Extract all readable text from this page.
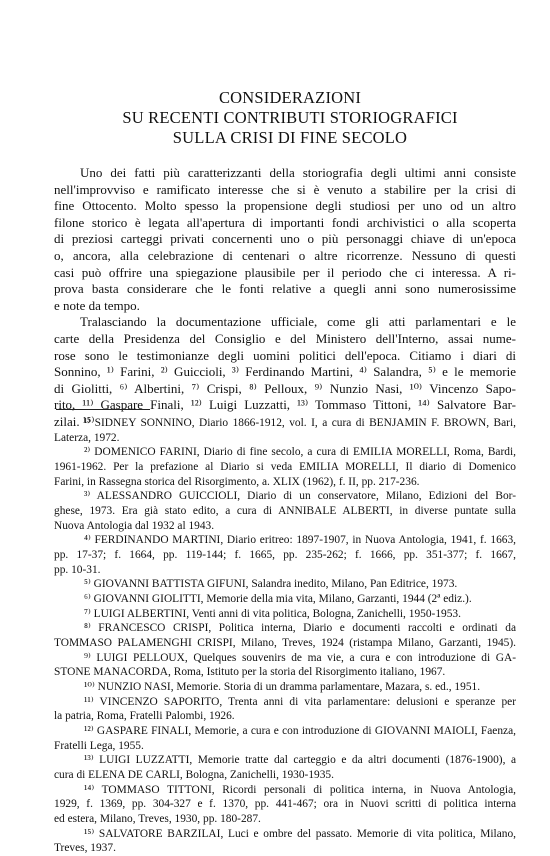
CONSIDERAZIONI
SU RECENTI CONTRIBUTI STORIOGRAFICI
SULLA CRISI DI FINE SECOLO
Uno dei fatti più caratterizzanti della storiografia degli ultimi anni consiste
nell'improvviso e ramificato interesse che si è venuto a stabilire per la crisi di
fine Ottocento. Molto spesso la propensione degli studiosi per uno od un altro
filone storico è legata all'apertura di importanti fondi archivistici o alla scoperta
di preziosi carteggi privati concernenti uno o più personaggi chiave di un'epoca
o, ancora, alla celebrazione di centenari o altre ricorrenze. Nessuno di questi
casi può offrire una spiegazione plausibile per il periodo che ci interessa. A ri-
prova basta considerare che le fonti relative a quegli anni sono numerosissime
e note da tempo.
Tralasciando la documentazione ufficiale, come gli atti parlamentari e le
carte della Presidenza del Consiglio e del Ministero dell'Interno, assai nume-
rose sono le testimonianze degli uomini politici dell'epoca. Citiamo i diari di
Sonnino, ¹⁾ Farini, ²⁾ Guiccioli, ³⁾ Ferdinando Martini, ⁴⁾ Salandra, ⁵⁾ e le memorie
di Giolitti, ⁶⁾ Albertini, ⁷⁾ Crispi, ⁸⁾ Pelloux, ⁹⁾ Nunzio Nasi, ¹⁰⁾ Vincenzo Sapo-
rito, ¹¹⁾ Gaspare Finali, ¹²⁾ Luigi Luzzatti, ¹³⁾ Tommaso Tittoni, ¹⁴⁾ Salvatore Bar-
zilai. ¹⁵⁾
¹⁾ SIDNEY SONNINO, Diario 1866-1912, vol. I, a cura di BENJAMIN F. BROWN, Bari,
Laterza, 1972.
²⁾ DOMENICO FARINI, Diario di fine secolo, a cura di EMILIA MORELLI, Roma, Bardi,
1961-1962. Per la prefazione al Diario si veda EMILIA MORELLI, Il diario di Domenico
Farini, in Rassegna storica del Risorgimento, a. XLIX (1962), f. II, pp. 217-236.
³⁾ ALESSANDRO GUICCIOLI, Diario di un conservatore, Milano, Edizioni del Bor-
ghese, 1973. Era già stato edito, a cura di ANNIBALE ALBERTI, in diverse puntate sulla
Nuova Antologia dal 1932 al 1943.
⁴⁾ FERDINANDO MARTINI, Diario eritreo: 1897-1907, in Nuova Antologia, 1941, f. 1663,
pp. 17-37; f. 1664, pp. 119-144; f. 1665, pp. 235-262; f. 1666, pp. 351-377; f. 1667,
pp. 10-31.
⁵⁾ GIOVANNI BATTISTA GIFUNI, Salandra inedito, Milano, Pan Editrice, 1973.
⁶⁾ GIOVANNI GIOLITTI, Memorie della mia vita, Milano, Garzanti, 1944 (2ª ediz.).
⁷⁾ LUIGI ALBERTINI, Venti anni di vita politica, Bologna, Zanichelli, 1950-1953.
⁸⁾ FRANCESCO CRISPI, Politica interna, Diario e documenti raccolti e ordinati da
TOMMASO PALAMENGHI CRISPI, Milano, Treves, 1924 (ristampa Milano, Garzanti, 1945).
⁹⁾ LUIGI PELLOUX, Quelques souvenirs de ma vie, a cura e con introduzione di GA-
STONE MANACORDA, Roma, Istituto per la storia del Risorgimento italiano, 1967.
¹⁰⁾ NUNZIO NASI, Memorie. Storia di un dramma parlamentare, Mazara, s. ed., 1951.
¹¹⁾ VINCENZO SAPORITO, Trenta anni di vita parlamentare: delusioni e speranze per
la patria, Roma, Fratelli Palombi, 1926.
¹²⁾ GASPARE FINALI, Memorie, a cura e con introduzione di GIOVANNI MAIOLI, Faenza,
Fratelli Lega, 1955.
¹³⁾ LUIGI LUZZATTI, Memorie tratte dal carteggio e da altri documenti (1876-1900), a
cura di ELENA DE CARLI, Bologna, Zanichelli, 1930-1935.
¹⁴⁾ TOMMASO TITTONI, Ricordi personali di politica interna, in Nuova Antologia,
1929, f. 1369, pp. 304-327 e f. 1370, pp. 441-467; ora in Nuovi scritti di politica interna
ed estera, Milano, Treves, 1930, pp. 180-287.
¹⁵⁾ SALVATORE BARZILAI, Luci e ombre del passato. Memorie di vita politica, Milano,
Treves, 1937.
